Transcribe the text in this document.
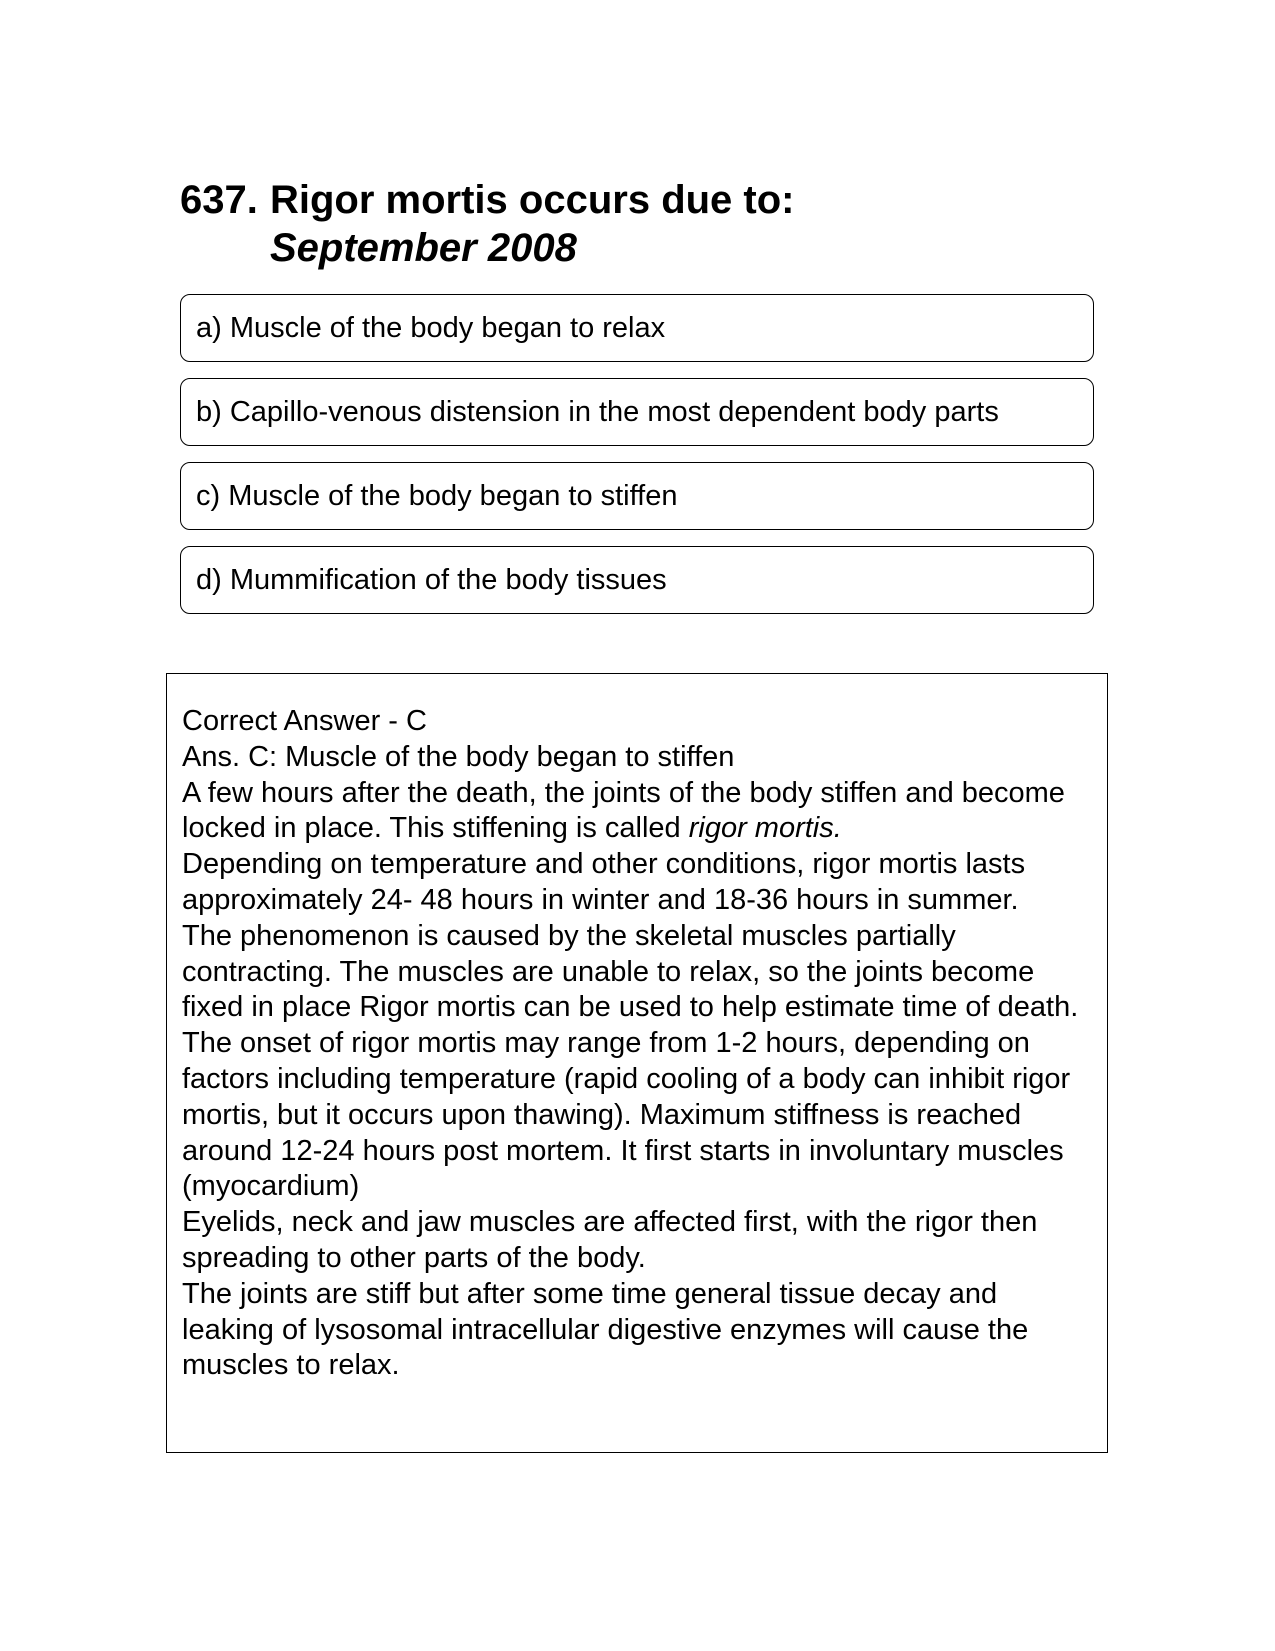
637. Rigor mortis occurs due to:
September 2008
a) Muscle of the body began to relax
b) Capillo-venous distension in the most dependent body parts
c) Muscle of the body began to stiffen
d) Mummification of the body tissues

Correct Answer - C

Ans. C: Muscle of the body began to stiffen

A few hours after the death, the joints of the body stiffen and become locked in place. This stiffening is called rigor mortis.

Depending on temperature and other conditions, rigor mortis lasts approximately 24- 48 hours in winter and 18-36 hours in summer.

The phenomenon is caused by the skeletal muscles partially contracting. The muscles are unable to relax, so the joints become fixed in place Rigor mortis can be used to help estimate time of death.

The onset of rigor mortis may range from 1-2 hours, depending on factors including temperature (rapid cooling of a body can inhibit rigor mortis, but it occurs upon thawing). Maximum stiffness is reached around 12-24 hours post mortem. It first starts in involuntary muscles (myocardium)

Eyelids, neck and jaw muscles are affected first, with the rigor then spreading to other parts of the body.

The joints are stiff but after some time general tissue decay and leaking of lysosomal intracellular digestive enzymes will cause the muscles to relax.
